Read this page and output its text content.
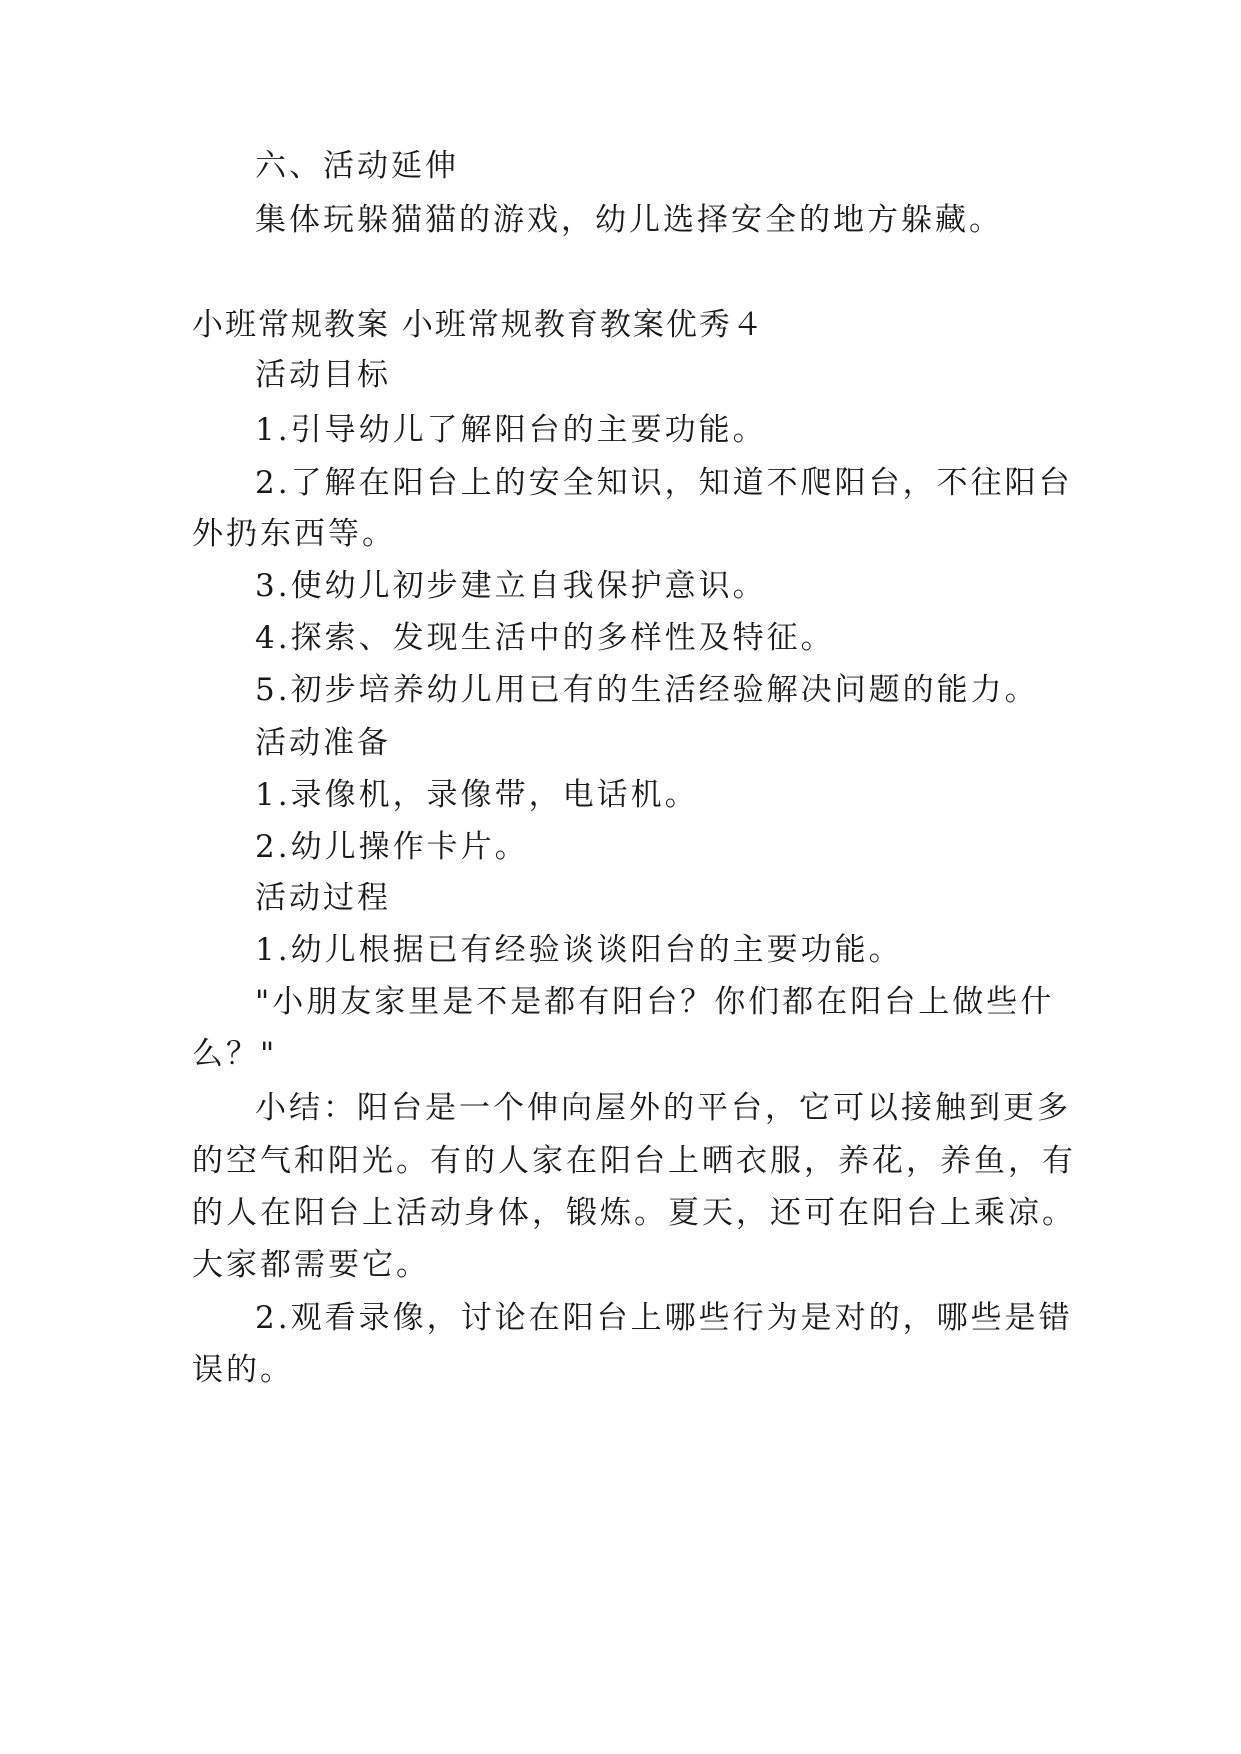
六、活动延伸
集体玩躲猫猫的游戏，幼儿选择安全的地方躲藏。
小班常规教案 小班常规教育教案优秀４
活动目标
1.引导幼儿了解阳台的主要功能。
2.了解在阳台上的安全知识，知道不爬阳台，不往阳台
外扔东西等。
3.使幼儿初步建立自我保护意识。
4.探索、发现生活中的多样性及特征。
5.初步培养幼儿用已有的生活经验解决问题的能力。
活动准备
1.录像机，录像带，电话机。
2.幼儿操作卡片。
活动过程
1.幼儿根据已有经验谈谈阳台的主要功能。
"小朋友家里是不是都有阳台？你们都在阳台上做些什
么？"
小结：阳台是一个伸向屋外的平台，它可以接触到更多
的空气和阳光。有的人家在阳台上晒衣服，养花，养鱼，有
的人在阳台上活动身体，锻炼。夏天，还可在阳台上乘凉。
大家都需要它。
2.观看录像，讨论在阳台上哪些行为是对的，哪些是错
误的。
